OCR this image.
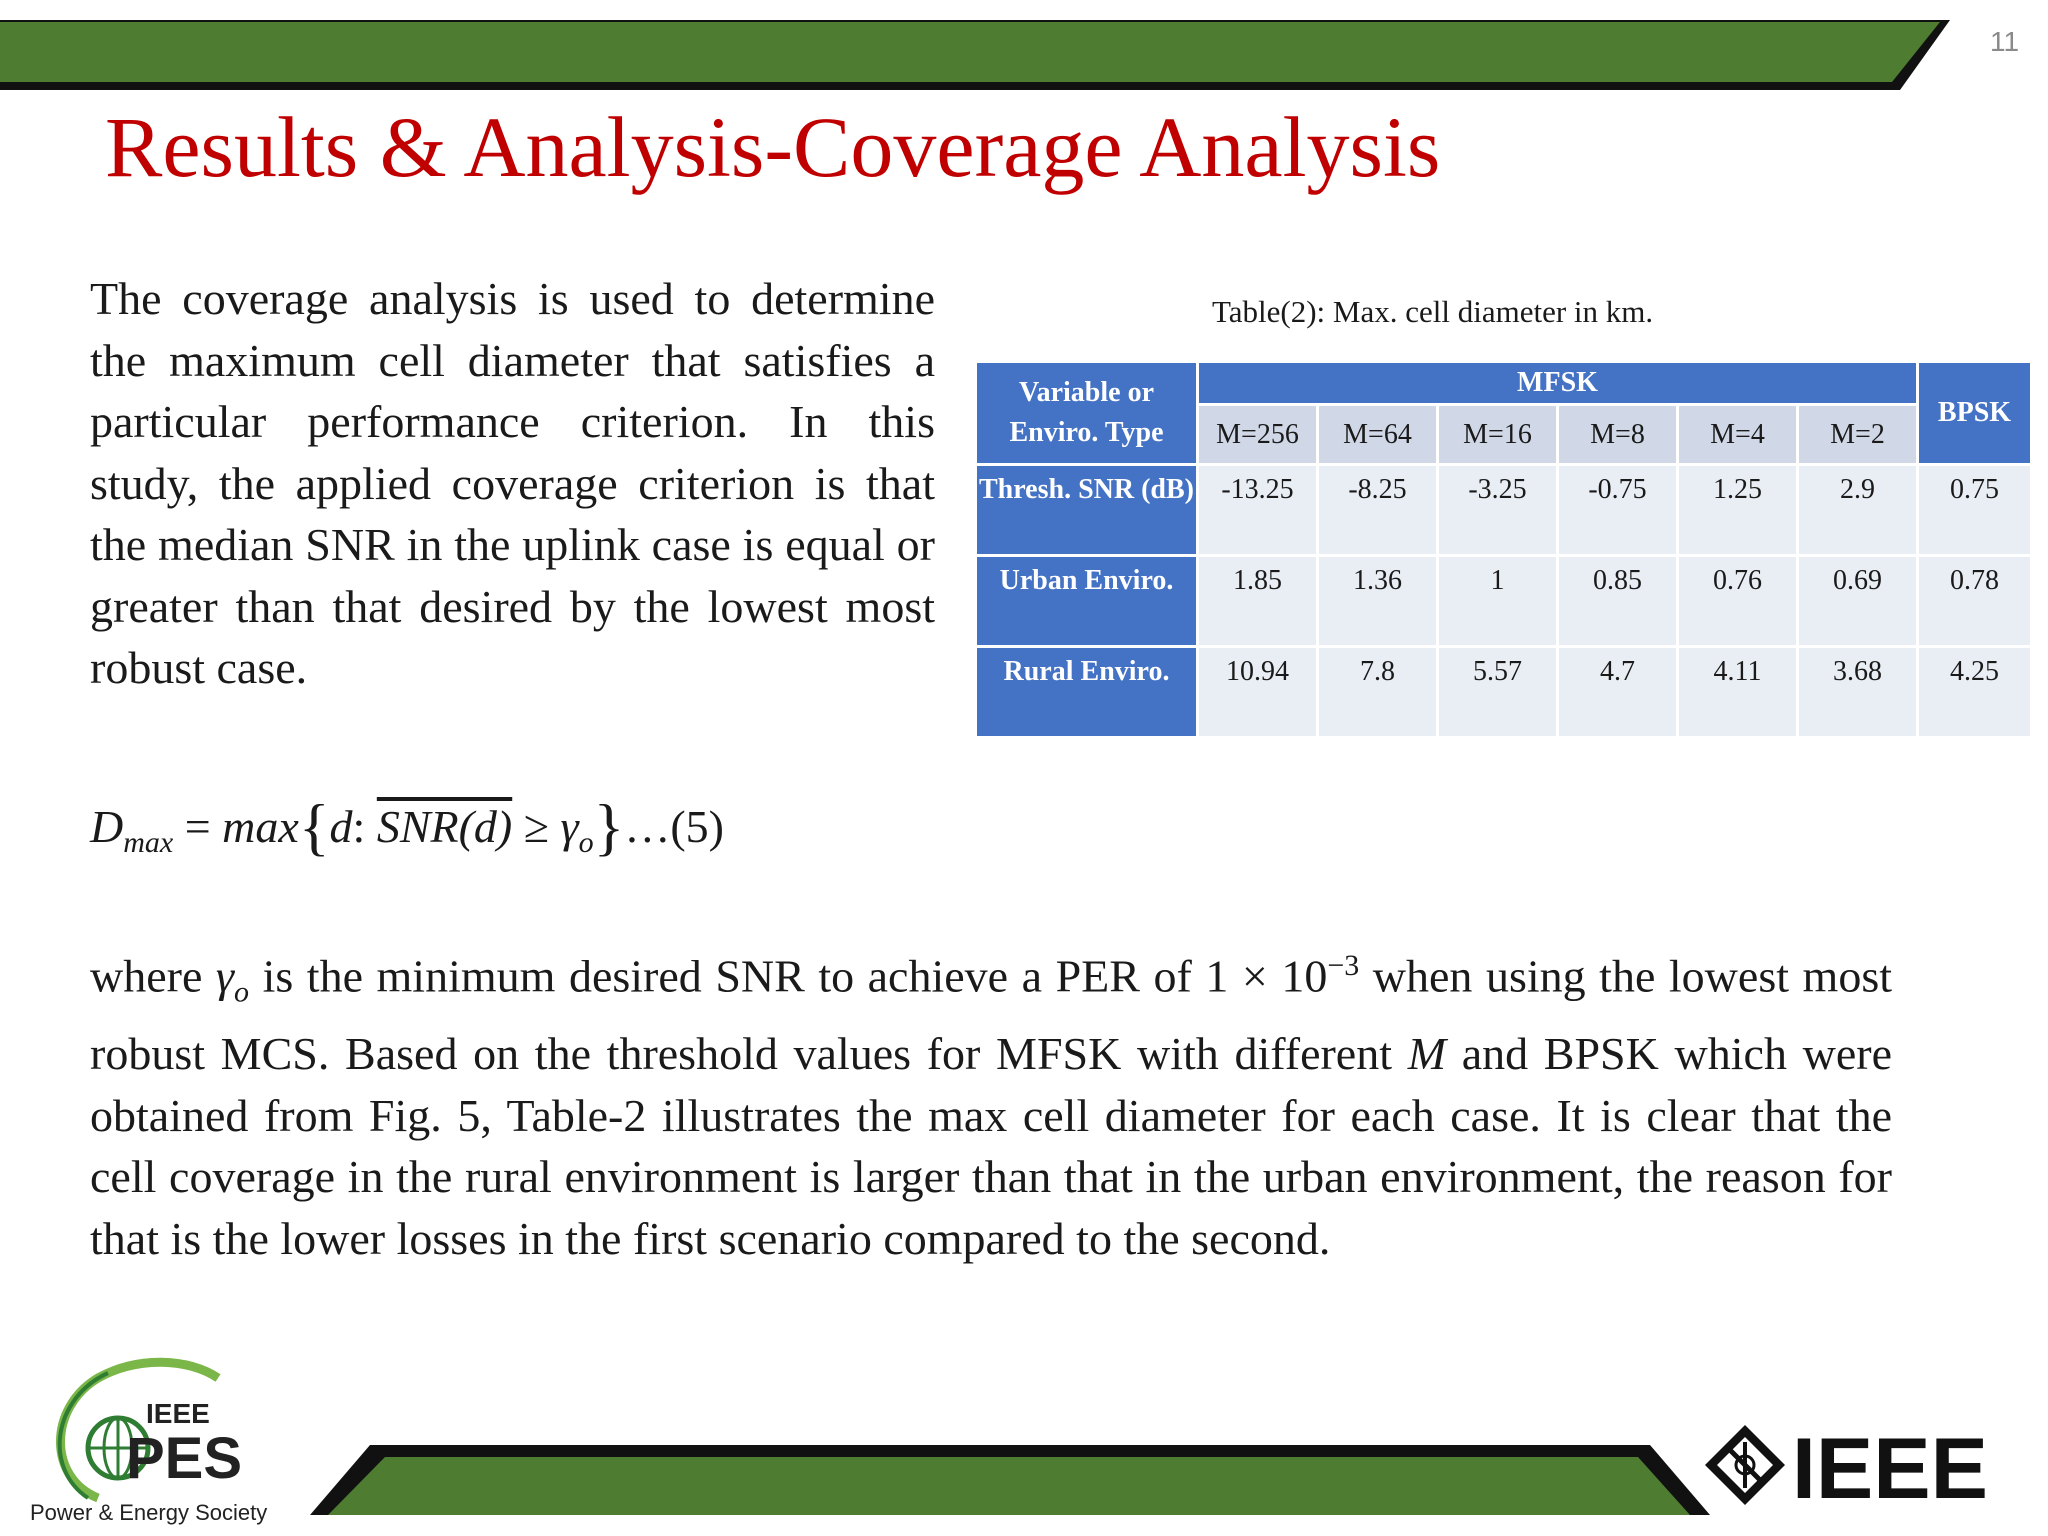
11
Results & Analysis-Coverage Analysis
The coverage analysis is used to determine the maximum cell diameter that satisfies a particular performance criterion. In this study, the applied coverage criterion is that the median SNR in the uplink case is equal or greater than that desired by the lowest most robust case.
$D_{max} = \max\{d$: $SNR(d) \ge \gamma_o\}\dots(5)$
Table(2): Max. cell diameter in km.
Variable or Enviro. Type	MFSK						BPSK
	M=256	M=64	M=16	M=8	M=4	M=2	
Thresh. SNR (dB)	-13.25	-8.25	-3.25	-0.75	1.25	2.9	0.75
Urban Enviro.	1.85	1.36	1	0.85	0.76	0.69	0.78
Rural Enviro.	10.94	7.8	5.57	4.7	4.11	3.68	4.25
where $\gamma_o$ is the minimum desired SNR to achieve a PER of $1 \times 10^{-3}$ when using the lowest most robust MCS. Based on the threshold values for MFSK with different M and BPSK which were obtained from Fig. 5, Table-2 illustrates the max cell diameter for each case. It is clear that the cell coverage in the rural environment is larger than that in the urban environment, the reason for that is the lower losses in the first scenario compared to the second.
IEEE
PES
Power & Energy Society	IEEE
